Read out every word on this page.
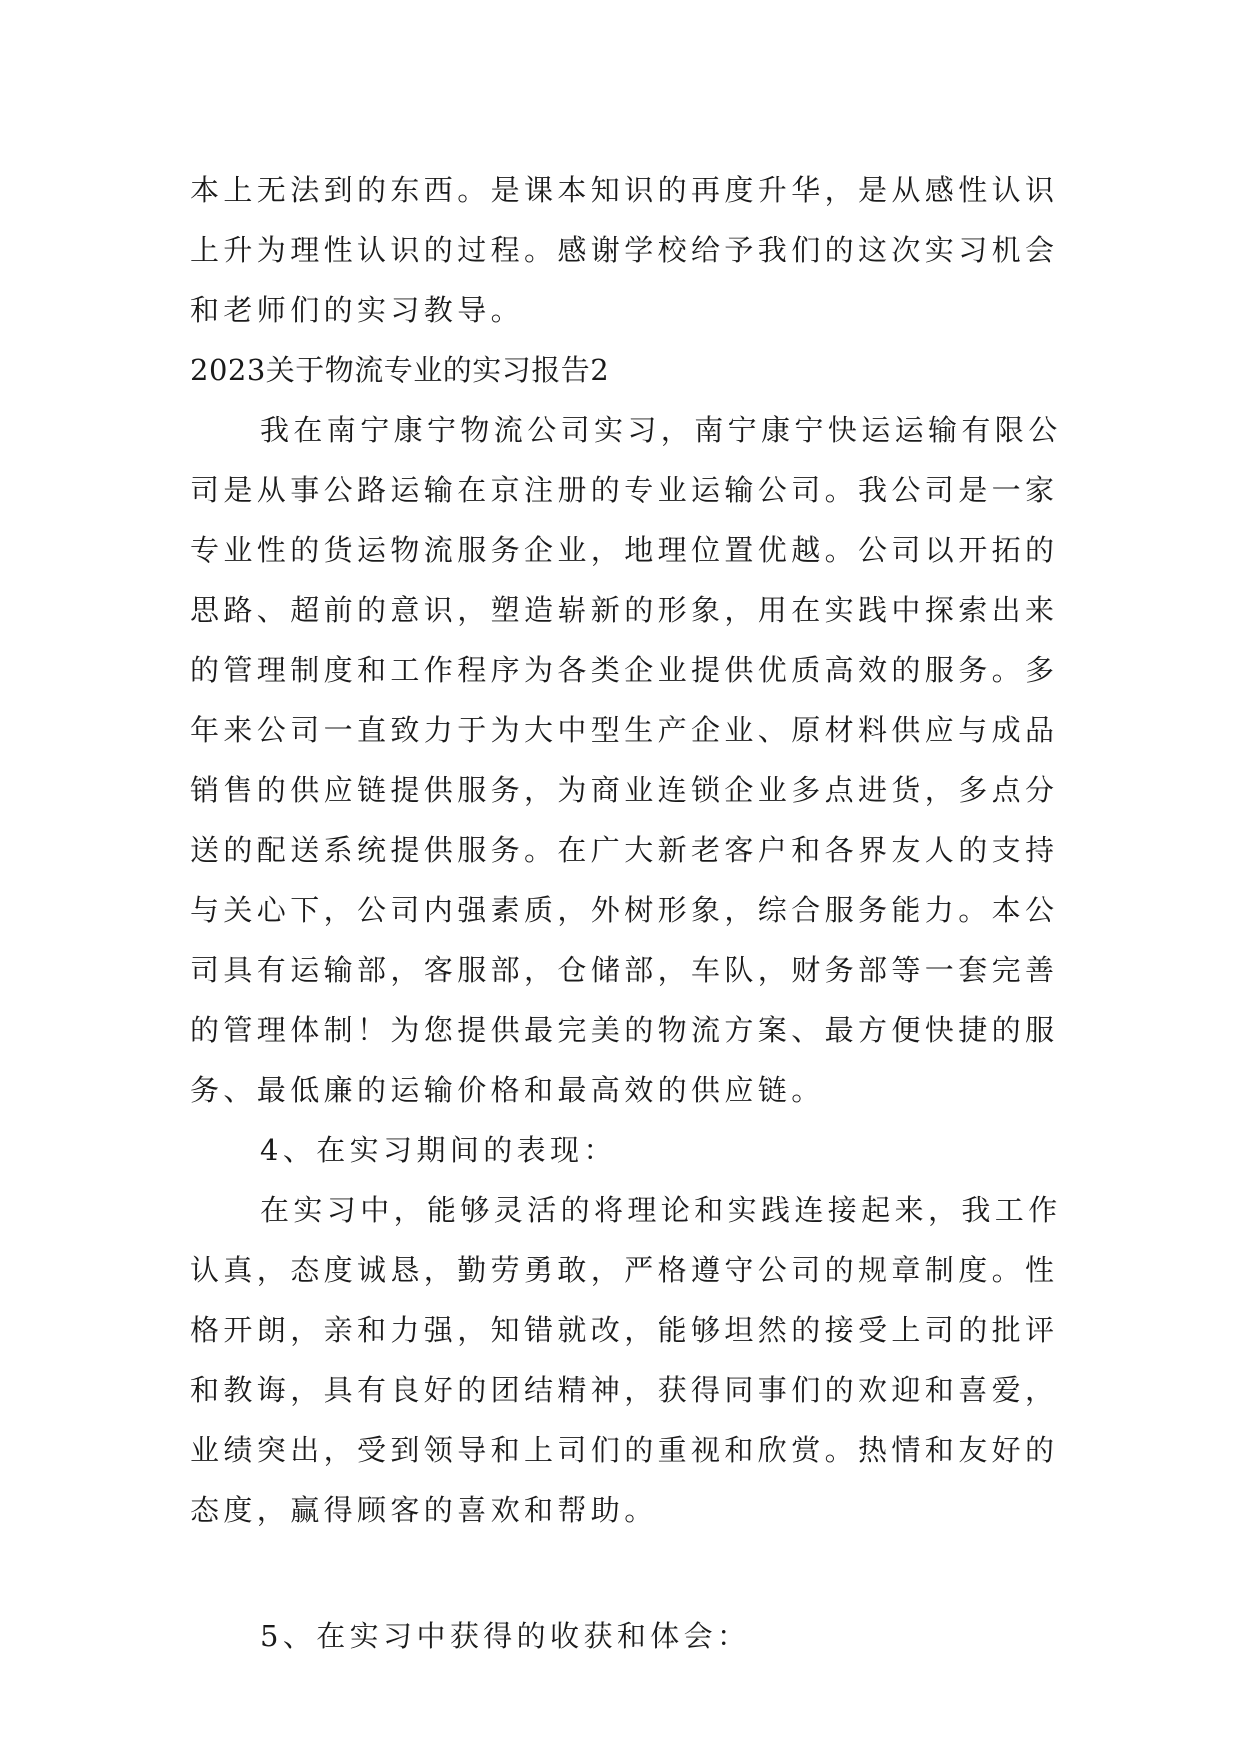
本上无法到的东西。是课本知识的再度升华，是从感性认识
上升为理性认识的过程。感谢学校给予我们的这次实习机会
和老师们的实习教导。
2023关于物流专业的实习报告2
我在南宁康宁物流公司实习，南宁康宁快运运输有限公
司是从事公路运输在京注册的专业运输公司。我公司是一家
专业性的货运物流服务企业，地理位置优越。公司以开拓的
思路、超前的意识，塑造崭新的形象，用在实践中探索出来
的管理制度和工作程序为各类企业提供优质高效的服务。多
年来公司一直致力于为大中型生产企业、原材料供应与成品
销售的供应链提供服务，为商业连锁企业多点进货，多点分
送的配送系统提供服务。在广大新老客户和各界友人的支持
与关心下，公司内强素质，外树形象，综合服务能力。本公
司具有运输部，客服部，仓储部，车队，财务部等一套完善
的管理体制！为您提供最完美的物流方案、最方便快捷的服
务、最低廉的运输价格和最高效的供应链。
4、在实习期间的表现：
在实习中，能够灵活的将理论和实践连接起来，我工作
认真，态度诚恳，勤劳勇敢，严格遵守公司的规章制度。性
格开朗，亲和力强，知错就改，能够坦然的接受上司的批评
和教诲，具有良好的团结精神，获得同事们的欢迎和喜爱，
业绩突出，受到领导和上司们的重视和欣赏。热情和友好的
态度，赢得顾客的喜欢和帮助。
5、在实习中获得的收获和体会：
